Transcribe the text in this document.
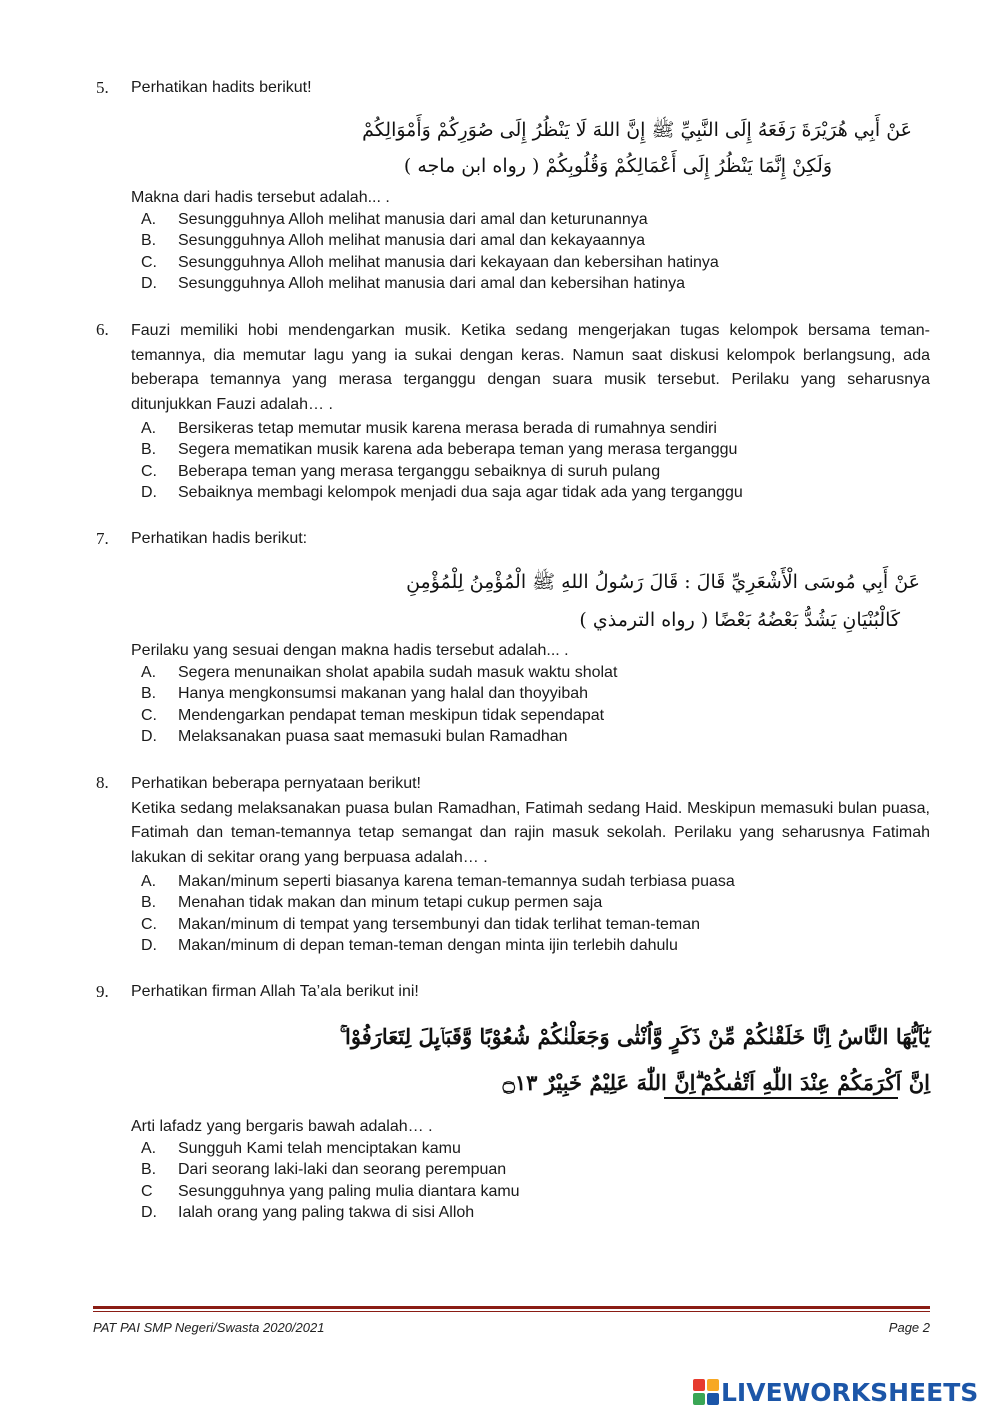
5. Perhatikan hadits berikut!
عَنْ أَبِي هُرَيْرَةَ رَفَعَهُ إِلَى النَّبِيِّ ﷺ إِنَّ اللهَ لَا يَنْظُرُ إِلَى صُوَرِكُمْ وَأَمْوَالِكُمْ
وَلَكِنْ إِنَّمَا يَنْظُرُ إِلَى أَعْمَالِكُمْ وَقُلُوبِكُمْ ( رواه ابن ماجه )
Makna dari hadis tersebut adalah... .
A.	Sesungguhnya Alloh melihat manusia dari amal dan keturunannya
B.	Sesungguhnya Alloh melihat manusia dari amal dan kekayaannya
C.	Sesungguhnya Alloh melihat manusia dari kekayaan dan kebersihan hatinya
D.	Sesungguhnya Alloh melihat manusia dari amal dan kebersihan hatinya
6. Fauzi memiliki hobi mendengarkan musik. Ketika sedang mengerjakan tugas kelompok bersama teman-temannya, dia memutar lagu yang ia sukai dengan keras. Namun saat diskusi kelompok berlangsung, ada beberapa temannya yang merasa terganggu dengan suara musik tersebut. Perilaku yang seharusnya ditunjukkan Fauzi adalah… .
A.	Bersikeras tetap memutar musik karena merasa berada di rumahnya sendiri
B.	Segera mematikan musik karena ada beberapa teman yang merasa terganggu
C.	Beberapa teman yang merasa terganggu sebaiknya di suruh pulang
D.	Sebaiknya membagi kelompok menjadi dua saja agar tidak ada yang terganggu
7. Perhatikan hadis berikut:
عَنْ أَبِي مُوسَى الْأَشْعَرِيِّ قَالَ : قَالَ رَسُولُ اللهِ ﷺ الْمُؤْمِنُ لِلْمُؤْمِنِ
كَالْبُنْيَانِ يَشُدُّ بَعْضُهُ بَعْضًا ( رواه الترمذي )
Perilaku yang sesuai dengan makna hadis tersebut adalah... .
A.	Segera menunaikan sholat apabila sudah masuk waktu sholat
B.	Hanya mengkonsumsi makanan yang halal dan thoyyibah
C.	Mendengarkan pendapat teman meskipun tidak sependapat
D.	Melaksanakan puasa saat memasuki bulan Ramadhan
8. Perhatikan beberapa pernyataan berikut!
Ketika sedang melaksanakan puasa bulan Ramadhan, Fatimah sedang Haid. Meskipun memasuki bulan puasa, Fatimah dan teman-temannya tetap semangat dan rajin masuk sekolah. Perilaku yang seharusnya Fatimah lakukan di sekitar orang yang berpuasa adalah… .
A.	Makan/minum seperti biasanya karena teman-temannya sudah terbiasa puasa
B.	Menahan tidak makan dan minum tetapi cukup permen saja
C.	Makan/minum di tempat yang tersembunyi dan tidak terlihat teman-teman
D.	Makan/minum di depan teman-teman dengan minta ijin terlebih dahulu
9. Perhatikan firman Allah Ta’ala berikut ini!
يٰٓاَيُّهَا النَّاسُ اِنَّا خَلَقْنٰكُمْ مِّنْ ذَكَرٍ وَّاُنْثٰى وَجَعَلْنٰكُمْ شُعُوْبًا وَّقَبَاۤىِٕلَ لِتَعَارَفُوْا ۚ
اِنَّ اَكْرَمَكُمْ عِنْدَ اللّٰهِ اَتْقٰىكُمْ ۗاِنَّ اللّٰهَ عَلِيْمٌ خَبِيْرٌ ۝١٣
Arti lafadz yang bergaris bawah adalah… .
A.	Sungguh Kami telah menciptakan kamu
B.	Dari seorang laki-laki dan seorang perempuan
C	Sesungguhnya yang paling mulia diantara kamu
D.	Ialah orang yang paling takwa di sisi Alloh
PAT PAI SMP Negeri/Swasta 2020/2021	Page 2
LIVEWORKSHEETS
